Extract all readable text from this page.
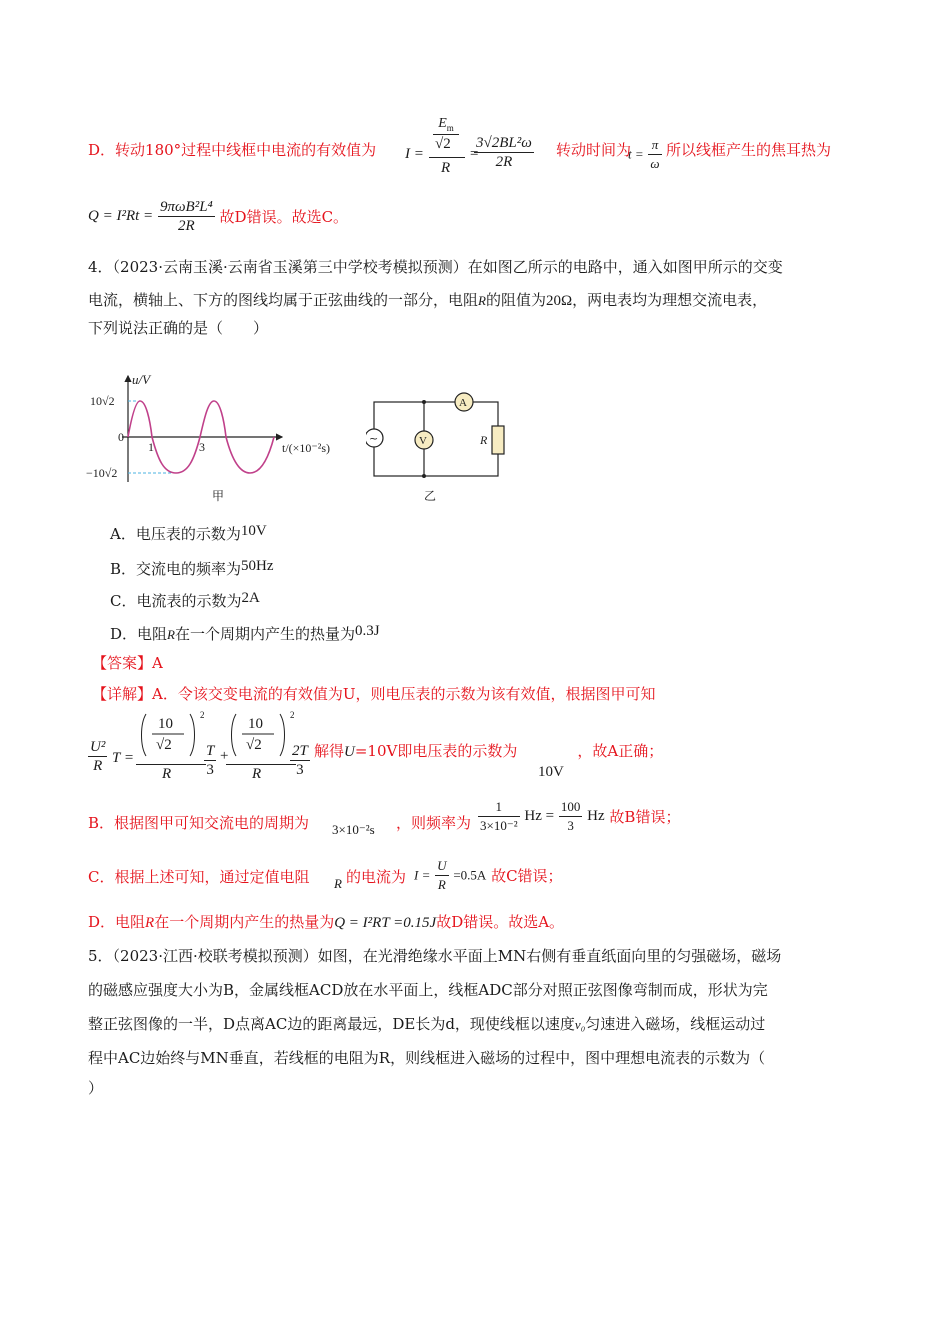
D．转动180°过程中线框中电流的有效值为 I =
$E_m$
√2
R
=
$\frac{\text{3√2BL²ω}}{2R}$ 转动时间为
$t = \frac{\pi}{\omega}$ 所以线框产生的焦耳热为
$Q = I^2Rt = \frac{\text{9πωB²L⁴}}{2R}$ 故D错误。故选C。
4．（2023·云南玉溪·云南省玉溪第三中学校考模拟预测）在如图乙所示的电路中，通入如图甲所示的交变
电流，横轴上、下方的图线均属于正弦曲线的一部分，电阻R的阻值为20Ω，两电表均为理想交流电表，
下列说法正确的是（　　）
u/V
10√2
0
−10√2
1	3	t/(×10⁻²s)
甲
~	V
A
R
乙
A．电压表的示数为10V
B．交流电的频率为50Hz
C．电流表的示数为2A
D．电阻R在一个周期内产生的热量为0.3J
【答案】A
【详解】A．令该交变电流的有效值为U，则电压表的示数为该有效值，根据图甲可知
$\frac{\text{U²}}{R}$ T =
10
√2
2
R $\frac{T}{3}$ +
10
√2
2
R $\frac{2T}{3}$ 解得U=10V即电压表的示数为	，故A正确；
10V
B．根据图甲可知交流电的周期为 3×10⁻²s ，则频率为 $\frac{1}{\text{3×10⁻²}}$ $Hz = \frac{100}{3}$ Hz 故B错误；
C．根据上述可知，通过定值电阻 R 的电流为 $I = \frac{U}{R} =0.5A$ 故C错误；
D．电阻R在一个周期内产生的热量为Q = I²RT =0.15J故D错误。故选A。
5．（2023·江西·校联考模拟预测）如图，在光滑绝缘水平面上MN右侧有垂直纸面向里的匀强磁场，磁场
的磁感应强度大小为B，金属线框ACD放在水平面上，线框ADC部分对照正弦图像弯制而成，形状为完
整正弦图像的一半，D点离AC边的距离最远，DE长为d，现使线框以速度v₀匀速进入磁场，线框运动过
程中AC边始终与MN垂直，若线框的电阻为R，则线框进入磁场的过程中，图中理想电流表的示数为（
）
